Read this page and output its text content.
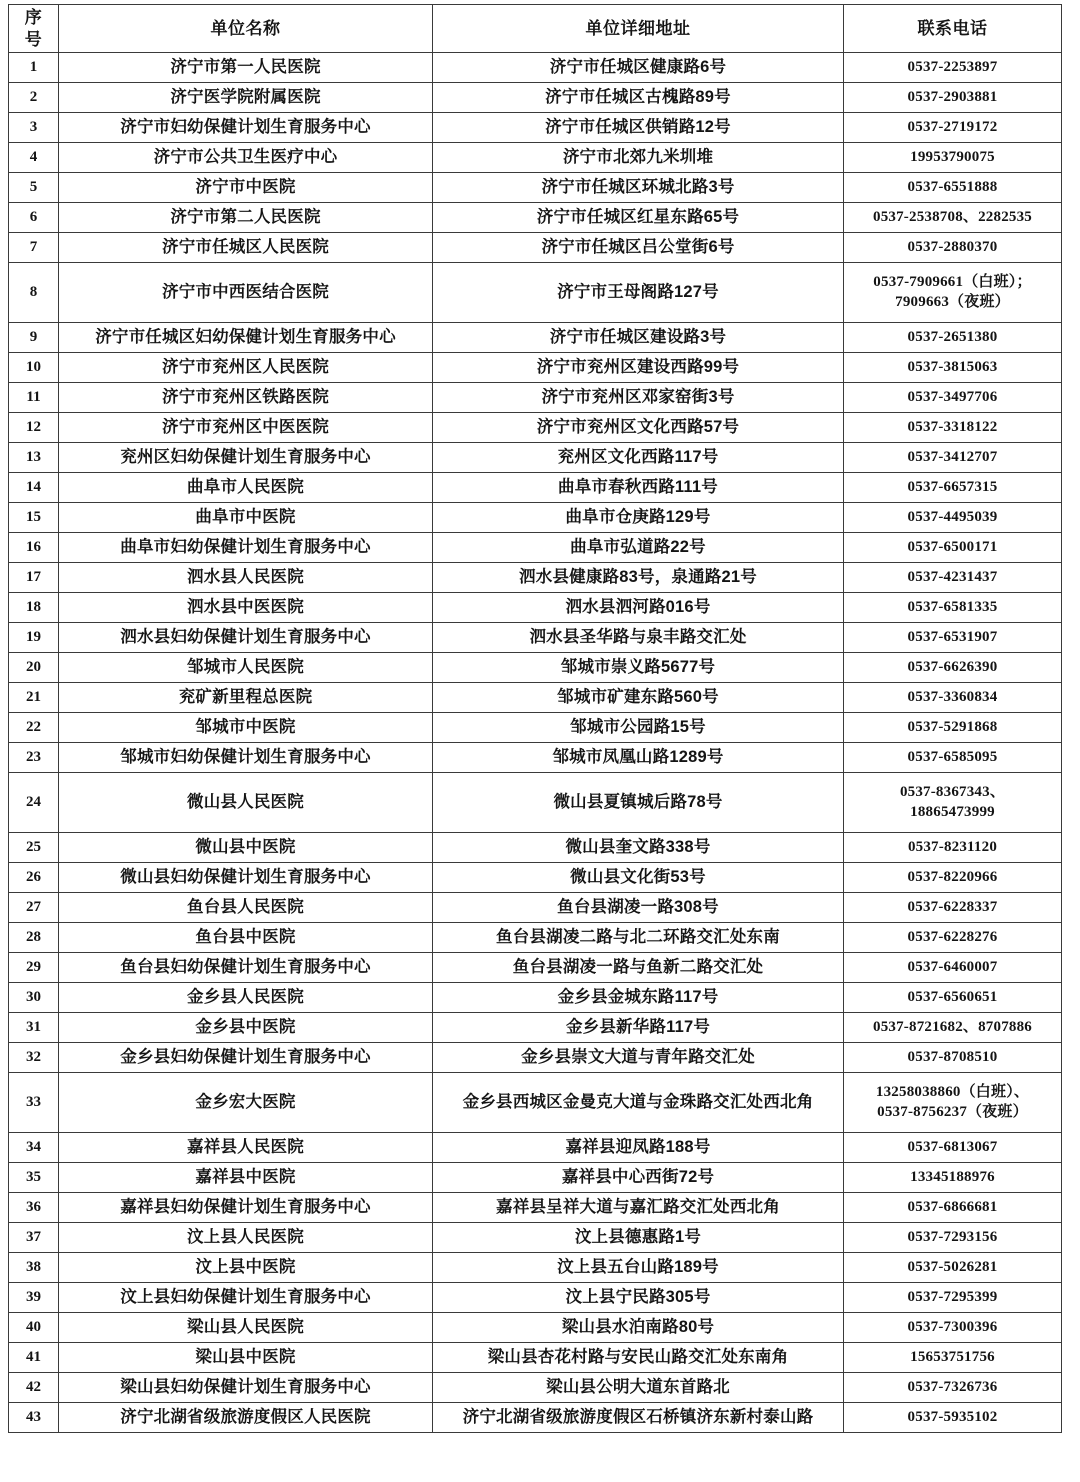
序
号	单位名称	单位详细地址	联系电话
1	济宁市第一人民医院	济宁市任城区健康路6号	0537-2253897
2	济宁医学院附属医院	济宁市任城区古槐路89号	0537-2903881
3	济宁市妇幼保健计划生育服务中心	济宁市任城区供销路12号	0537-2719172
4	济宁市公共卫生医疗中心	济宁市北郊九米圳堆	19953790075
5	济宁市中医院	济宁市任城区环城北路3号	0537-6551888
6	济宁市第二人民医院	济宁市任城区红星东路65号	0537-2538708、2282535
7	济宁市任城区人民医院	济宁市任城区吕公堂街6号	0537-2880370
8	济宁市中西医结合医院	济宁市王母阁路127号	0537-7909661（白班）；
7909663（夜班）

9	济宁市任城区妇幼保健计划生育服务中心	济宁市任城区建设路3号	0537-2651380
10	济宁市兖州区人民医院	济宁市兖州区建设西路99号	0537-3815063
11	济宁市兖州区铁路医院	济宁市兖州区邓家窑街3号	0537-3497706
12	济宁市兖州区中医医院	济宁市兖州区文化西路57号	0537-3318122
13	兖州区妇幼保健计划生育服务中心	兖州区文化西路117号	0537-3412707
14	曲阜市人民医院	曲阜市春秋西路111号	0537-6657315
15	曲阜市中医院	曲阜市仓庚路129号	0537-4495039
16	曲阜市妇幼保健计划生育服务中心	曲阜市弘道路22号	0537-6500171
17	泗水县人民医院	泗水县健康路83号，泉通路21号	0537-4231437
18	泗水县中医医院	泗水县泗河路016号	0537-6581335
19	泗水县妇幼保健计划生育服务中心	泗水县圣华路与泉丰路交汇处	0537-6531907
20	邹城市人民医院	邹城市崇义路5677号	0537-6626390
21	兖矿新里程总医院	邹城市矿建东路560号	0537-3360834
22	邹城市中医院	邹城市公园路15号	0537-5291868
23	邹城市妇幼保健计划生育服务中心	邹城市凤凰山路1289号	0537-6585095
24	微山县人民医院	微山县夏镇城后路78号	0537-8367343、
18865473999

25	微山县中医院	微山县奎文路338号	0537-8231120
26	微山县妇幼保健计划生育服务中心	微山县文化街53号	0537-8220966
27	鱼台县人民医院	鱼台县湖凌一路308号	0537-6228337
28	鱼台县中医院	鱼台县湖凌二路与北二环路交汇处东南	0537-6228276
29	鱼台县妇幼保健计划生育服务中心	鱼台县湖凌一路与鱼新二路交汇处	0537-6460007
30	金乡县人民医院	金乡县金城东路117号	0537-6560651
31	金乡县中医院	金乡县新华路117号	0537-8721682、8707886
32	金乡县妇幼保健计划生育服务中心	金乡县崇文大道与青年路交汇处	0537-8708510
33	金乡宏大医院	金乡县西城区金曼克大道与金珠路交汇处西北角	13258038860（白班）、
0537-8756237（夜班）

34	嘉祥县人民医院	嘉祥县迎凤路188号	0537-6813067
35	嘉祥县中医院	嘉祥县中心西街72号	13345188976
36	嘉祥县妇幼保健计划生育服务中心	嘉祥县呈祥大道与嘉汇路交汇处西北角	0537-6866681
37	汶上县人民医院	汶上县德惠路1号	0537-7293156
38	汶上县中医院	汶上县五台山路189号	0537-5026281
39	汶上县妇幼保健计划生育服务中心	汶上县宁民路305号	0537-7295399
40	梁山县人民医院	梁山县水泊南路80号	0537-7300396
41	梁山县中医院	梁山县杏花村路与安民山路交汇处东南角	15653751756
42	梁山县妇幼保健计划生育服务中心	梁山县公明大道东首路北	0537-7326736
43	济宁北湖省级旅游度假区人民医院	济宁北湖省级旅游度假区石桥镇济东新村泰山路	0537-5935102
